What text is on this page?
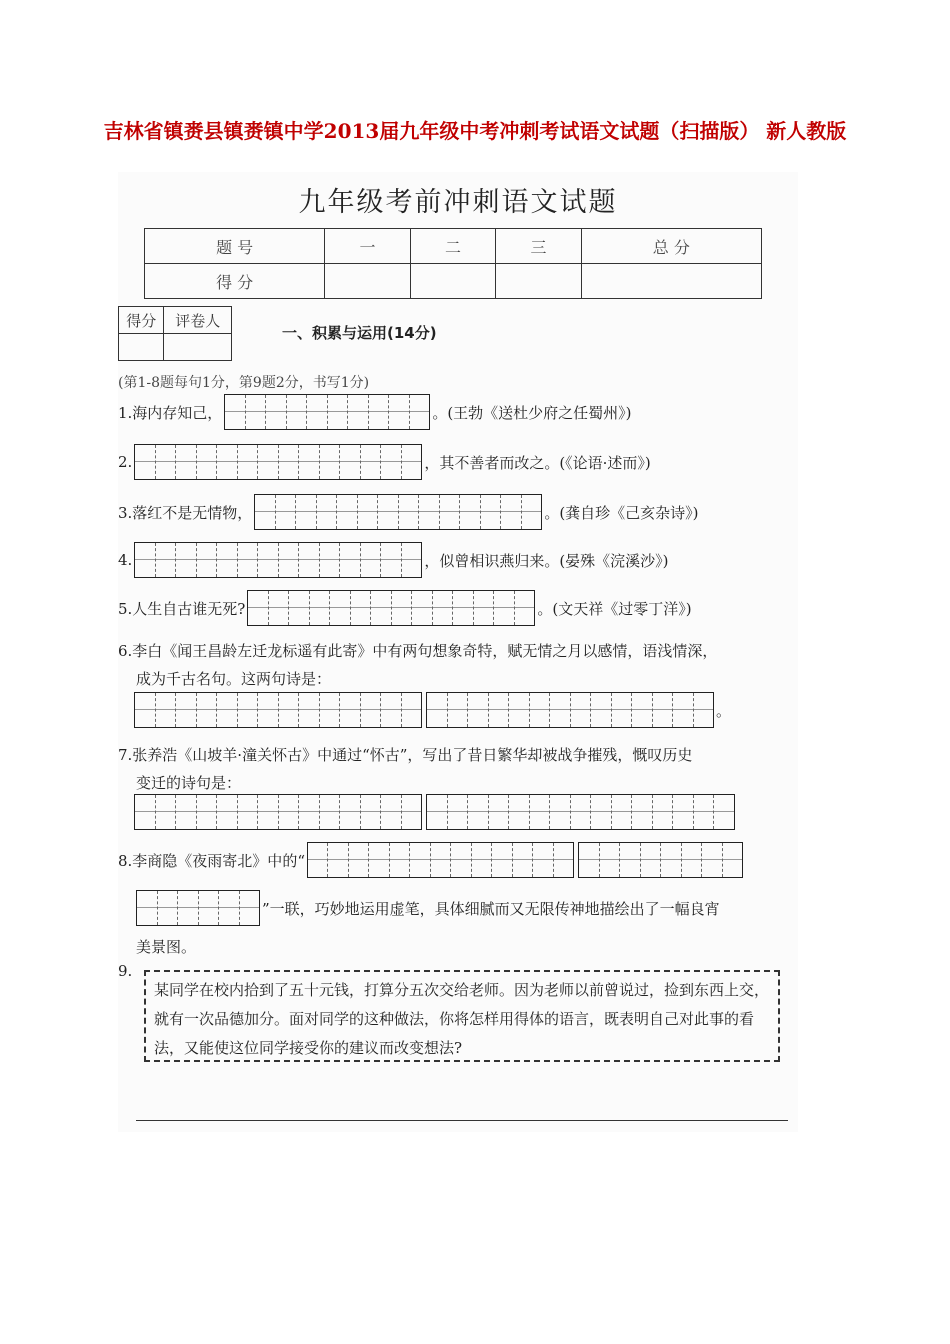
吉林省镇赉县镇赉镇中学2013届九年级中考冲刺考试语文试题（扫描版） 新人教版
九年级考前冲刺语文试题
题 号	一	二	三	总 分
得 分				
得分	评卷人

一、积累与运用(14分)
(第1-8题每句1分，第9题2分，书写1分)
1.海内存知己，	。(王勃《送杜少府之任蜀州》)
2.	，其不善者而改之。(《论语·述而》)
3.落红不是无情物，	。(龚自珍《己亥杂诗》)
4.	，似曾相识燕归来。(晏殊《浣溪沙》)
5.人生自古谁无死?	。(文天祥《过零丁洋》)
6.李白《闻王昌龄左迁龙标遥有此寄》中有两句想象奇特，赋无情之月以感情，语浅情深，
成为千古名句。这两句诗是：
。
7.张养浩《山坡羊·潼关怀古》中通过“怀古”，写出了昔日繁华却被战争摧残，慨叹历史
变迁的诗句是：
8.李商隐《夜雨寄北》中的“
”一联，巧妙地运用虚笔，具体细腻而又无限传神地描绘出了一幅良宵
美景图。
9.
某同学在校内拾到了五十元钱，打算分五次交给老师。因为老师以前曾说过，捡到东西上交，就有一次品德加分。面对同学的这种做法，你将怎样用得体的语言，既表明自己对此事的看法，又能使这位同学接受你的建议而改变想法?
